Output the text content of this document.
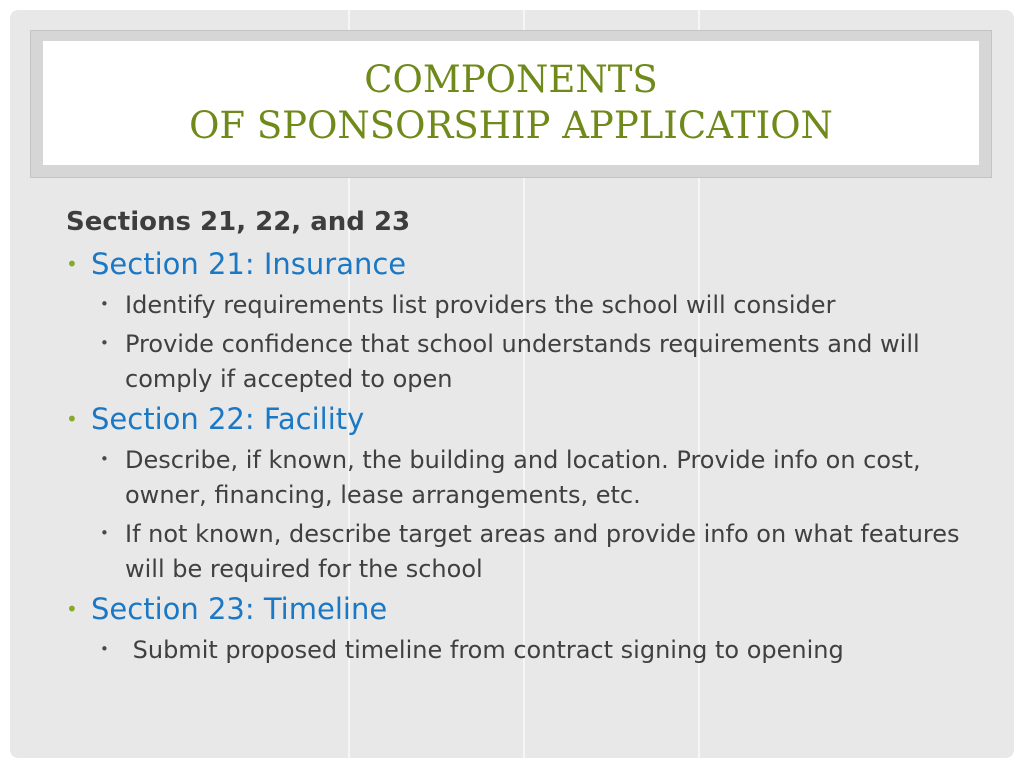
COMPONENTS
OF SPONSORSHIP APPLICATION
Sections 21, 22, and 23
• Section 21: Insurance
• Identify requirements list providers the school will consider
• Provide confidence that school understands requirements and will comply if accepted to open
• Section 22: Facility
• Describe, if known, the building and location. Provide info on cost, owner, financing, lease arrangements, etc.
• If not known, describe target areas and provide info on what features will be required for the school
• Section 23: Timeline
• Submit proposed timeline from contract signing to opening
